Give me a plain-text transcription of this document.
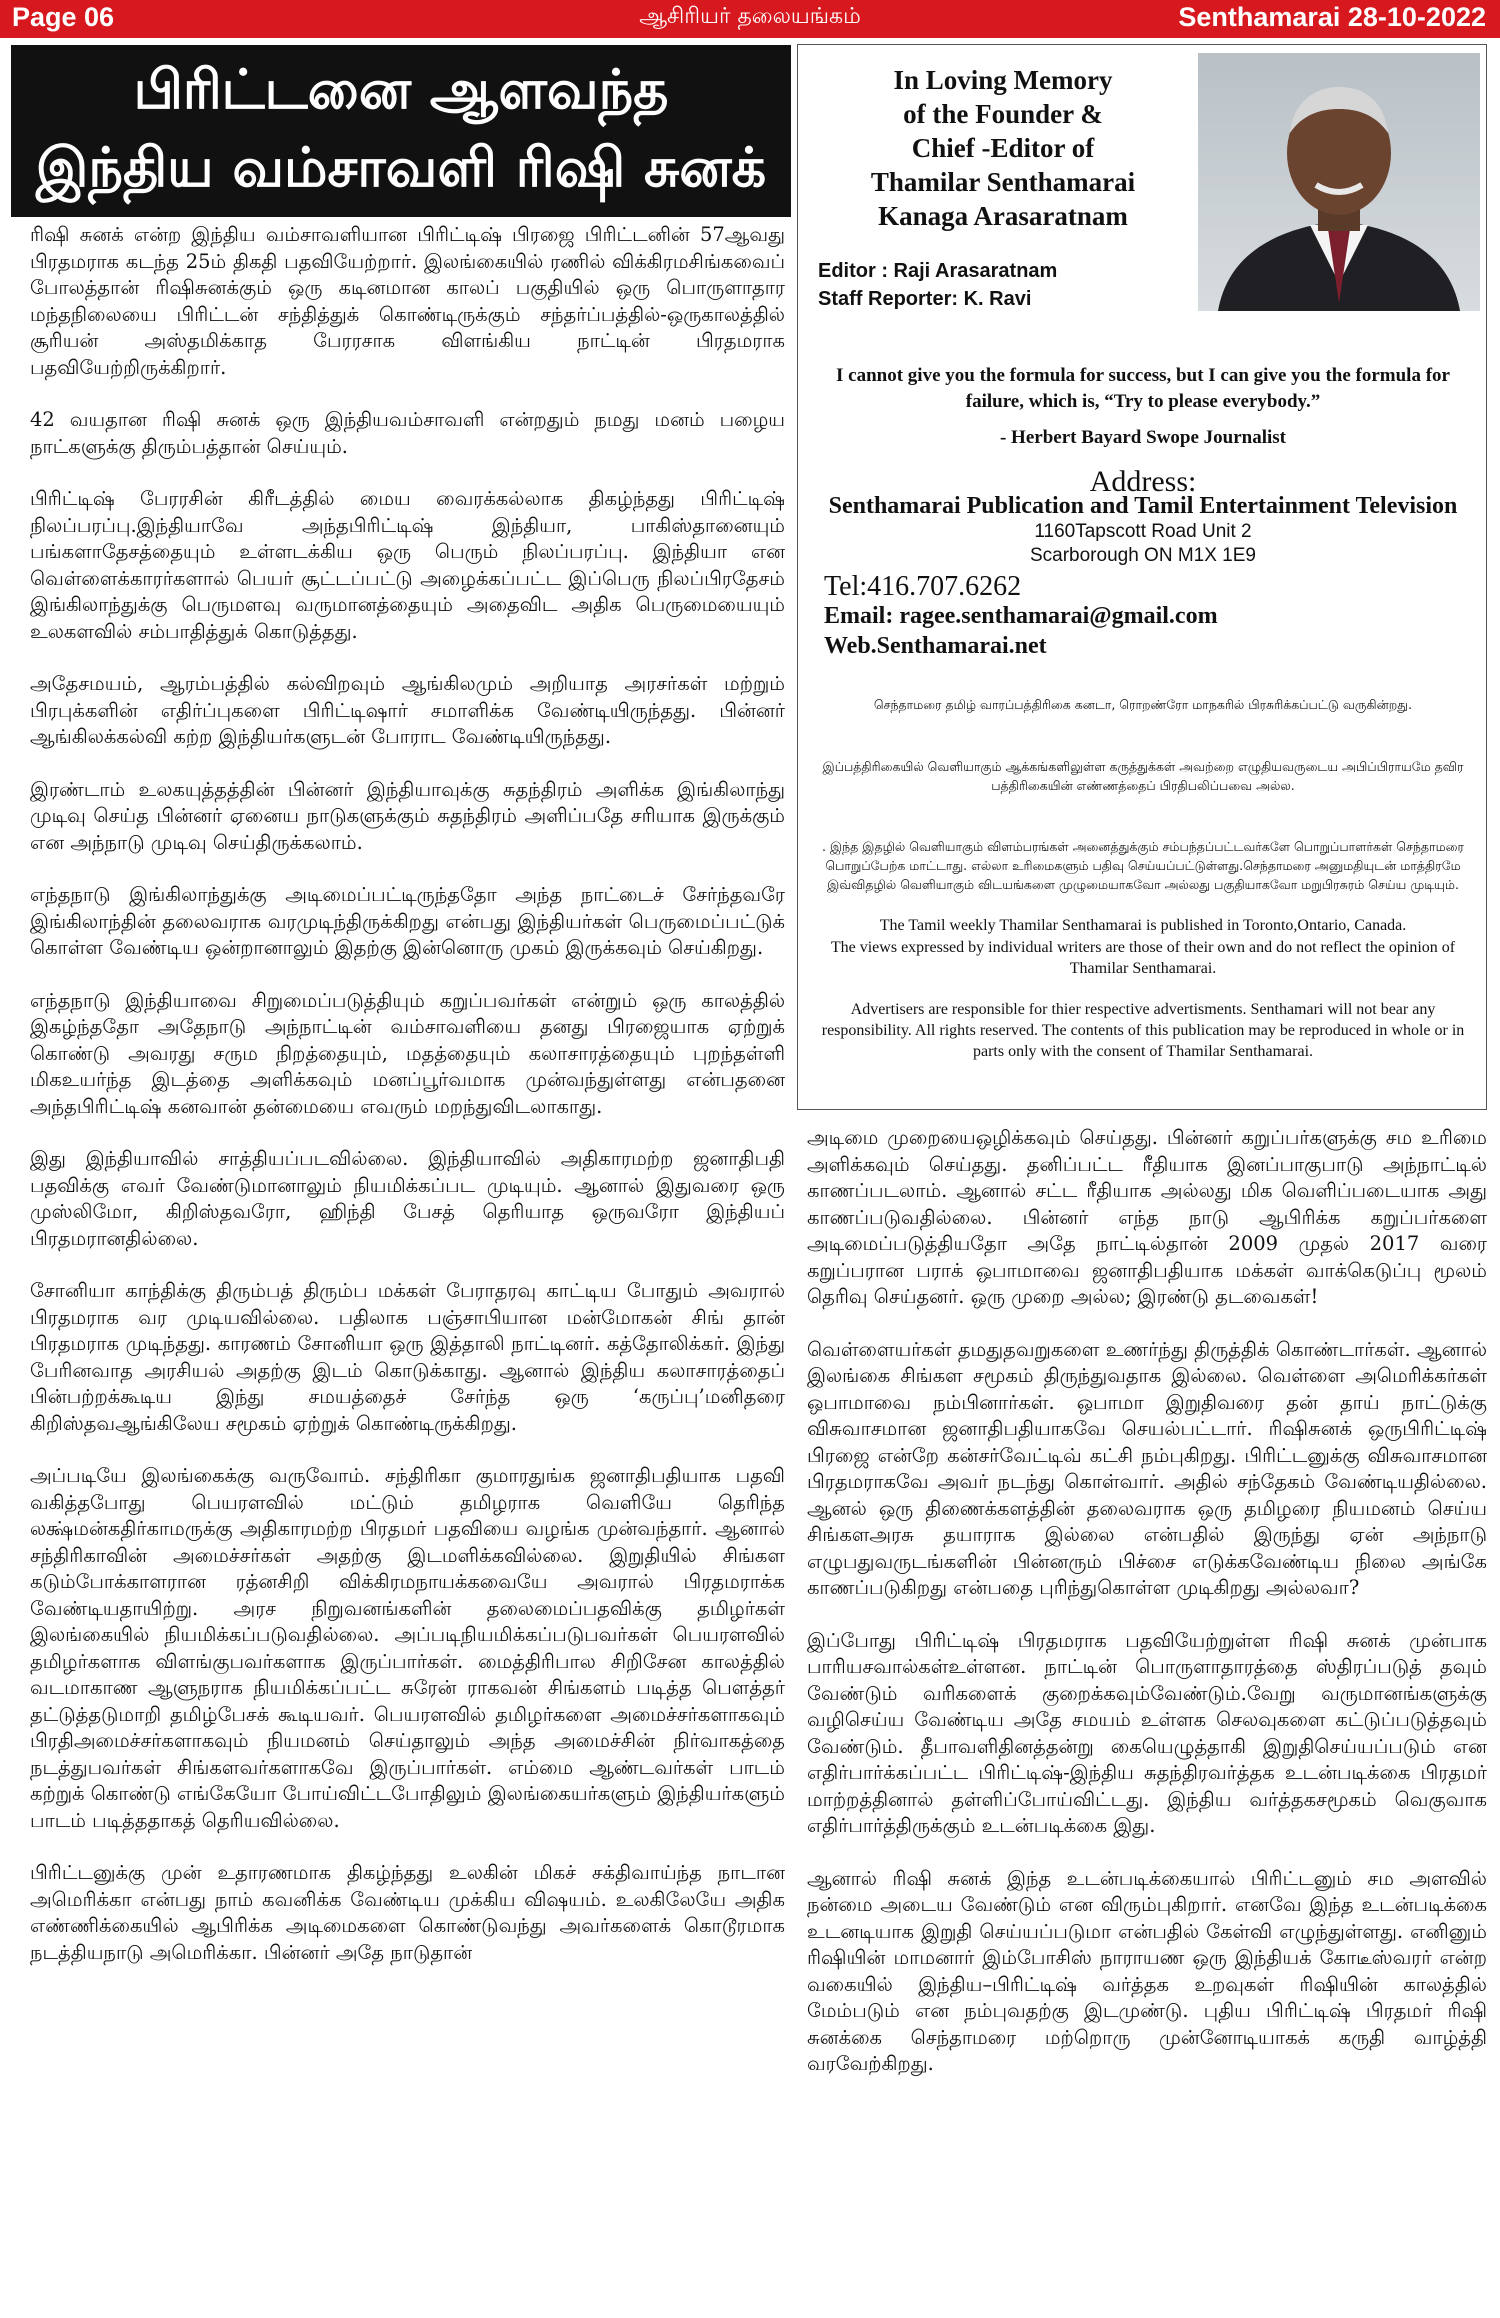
Page 06	ஆசிரியர் தலையங்கம்	Senthamarai 28-10-2022
பிரிட்டனை ஆளவந்த
இந்திய வம்சாவளி ரிஷி சுனக்

ரிஷி சுனக் என்ற இந்திய வம்சாவளியான பிரிட்டிஷ் பிரஜை பிரிட்டனின் 57ஆவது பிரதமராக கடந்த 25ம் திகதி பதவியேற்றார். இலங்கையில் ரணில் விக்கிரமசிங்கவைப் போலத்தான் ரிஷிசுனக்கும் ஒரு கடினமான காலப் பகுதியில் ஒரு பொருளாதார மந்தநிலையை பிரிட்டன் சந்தித்துக் கொண்டிருக்கும் சந்தர்ப்பத்தில்-ஒருகாலத்தில் சூரியன் அஸ்தமிக்காத பேரரசாக விளங்கிய நாட்டின் பிரதமராக பதவியேற்றிருக்கிறார்.

42 வயதான ரிஷி சுனக் ஒரு இந்தியவம்சாவளி என்றதும் நமது மனம் பழைய நாட்களுக்கு திரும்பத்தான் செய்யும்.

பிரிட்டிஷ் பேரரசின் கிரீடத்தில் மைய வைரக்கல்லாக திகழ்ந்தது பிரிட்டிஷ் நிலப்பரப்பு.இந்தியாவே அந்தபிரிட்டிஷ் இந்தியா, பாகிஸ்தானையும் பங்களாதேசத்தையும் உள்ளடக்கிய ஒரு பெரும் நிலப்பரப்பு. இந்தியா என வெள்ளைக்காரர்களால் பெயர் சூட்டப்பட்டு அழைக்கப்பட்ட இப்பெரு நிலப்பிரதேசம் இங்கிலாந்துக்கு பெருமளவு வருமானத்தையும் அதைவிட அதிக பெருமையையும் உலகளவில் சம்பாதித்துக் கொடுத்தது.

அதேசமயம், ஆரம்பத்தில் கல்விறவும் ஆங்கிலமும் அறியாத அரசர்கள் மற்றும் பிரபுக்களின் எதிர்ப்புகளை பிரிட்டிஷார் சமாளிக்க வேண்டியிருந்தது. பின்னர் ஆங்கிலக்கல்வி கற்ற இந்தியர்களுடன் போராட வேண்டியிருந்தது.

இரண்டாம் உலகயுத்தத்தின் பின்னர் இந்தியாவுக்கு சுதந்திரம் அளிக்க இங்கிலாந்து முடிவு செய்த பின்னர் ஏனைய நாடுகளுக்கும் சுதந்திரம் அளிப்பதே சரியாக இருக்கும் என அந்நாடு முடிவு செய்திருக்கலாம்.

எந்தநாடு இங்கிலாந்துக்கு அடிமைப்பட்டிருந்ததோ அந்த நாட்டைச் சேர்ந்தவரே இங்கிலாந்தின் தலைவராக வரமுடிந்திருக்கிறது என்பது இந்தியர்கள் பெருமைப்பட்டுக் கொள்ள வேண்டிய ஒன்றானாலும் இதற்கு இன்னொரு முகம் இருக்கவும் செய்கிறது.

எந்தநாடு இந்தியாவை சிறுமைப்படுத்தியும் கறுப்பவர்கள் என்றும் ஒரு காலத்தில் இகழ்ந்ததோ அதேநாடு அந்நாட்டின் வம்சாவளியை தனது பிரஜையாக ஏற்றுக் கொண்டு அவரது சரும நிறத்தையும், மதத்தையும் கலாசாரத்தையும் புறந்தள்ளி மிகஉயர்ந்த இடத்தை அளிக்கவும் மனப்பூர்வமாக முன்வந்துள்ளது என்பதனை அந்தபிரிட்டிஷ் கனவான் தன்மையை எவரும் மறந்துவிடலாகாது.

இது இந்தியாவில் சாத்தியப்படவில்லை. இந்தியாவில் அதிகாரமற்ற ஜனாதிபதி பதவிக்கு எவர் வேண்டுமானாலும் நியமிக்கப்பட முடியும். ஆனால் இதுவரை ஒரு முஸ்லிமோ, கிறிஸ்தவரோ, ஹிந்தி பேசத் தெரியாத ஒருவரோ இந்தியப் பிரதமரானதில்லை.

சோனியா காந்திக்கு திரும்பத் திரும்ப மக்கள் பேராதரவு காட்டிய போதும் அவரால் பிரதமராக வர முடியவில்லை. பதிலாக பஞ்சாபியான மன்மோகன் சிங் தான் பிரதமராக முடிந்தது. காரணம் சோனியா ஒரு இத்தாலி நாட்டினர். கத்தோலிக்கர். இந்து பேரினவாத அரசியல் அதற்கு இடம் கொடுக்காது. ஆனால் இந்திய கலாசாரத்தைப் பின்பற்றக்கூடிய இந்து சமயத்தைச் சேர்ந்த ஒரு ‘கருப்பு’மனிதரை கிறிஸ்தவஆங்கிலேய சமூகம் ஏற்றுக் கொண்டிருக்கிறது.

அப்படியே இலங்கைக்கு வருவோம். சந்திரிகா குமாரதுங்க ஜனாதிபதியாக பதவி வகித்தபோது பெயரளவில் மட்டும் தமிழராக வெளியே தெரிந்த லக்ஷ்மன்கதிர்காமருக்கு அதிகாரமற்ற பிரதமர் பதவியை வழங்க முன்வந்தார். ஆனால் சந்திரிகாவின் அமைச்சர்கள் அதற்கு இடமளிக்கவில்லை. இறுதியில் சிங்கள கடும்போக்காளரான ரத்னசிறி விக்கிரமநாயக்கவையே அவரால் பிரதமராக்க வேண்டியதாயிற்று. அரச நிறுவனங்களின் தலைமைப்பதவிக்கு தமிழர்கள் இலங்கையில் நியமிக்கப்படுவதில்லை. அப்படிநியமிக்கப்படுபவர்கள் பெயரளவில் தமிழர்களாக விளங்குபவர்களாக இருப்பார்கள். மைத்திரிபால சிறிசேன காலத்தில் வடமாகாண ஆளுநராக நியமிக்கப்பட்ட சுரேன் ராகவன் சிங்களம் படித்த பௌத்தர் தட்டுத்தடுமாறி தமிழ்பேசக் கூடியவர். பெயரளவில் தமிழர்களை அமைச்சர்களாகவும் பிரதிஅமைச்சர்களாகவும் நியமனம் செய்தாலும் அந்த அமைச்சின் நிர்வாகத்தை நடத்துபவர்கள் சிங்களவர்களாகவே இருப்பார்கள். எம்மை ஆண்டவர்கள் பாடம் கற்றுக் கொண்டு எங்கேயோ போய்விட்டபோதிலும் இலங்கையர்களும் இந்தியர்களும் பாடம் படித்ததாகத் தெரியவில்லை.

பிரிட்டனுக்கு முன் உதாரணமாக திகழ்ந்தது உலகின் மிகச் சக்திவாய்ந்த நாடான அமெரிக்கா என்பது நாம் கவனிக்க வேண்டிய முக்கிய விஷயம். உலகிலேயே அதிக எண்ணிக்கையில் ஆபிரிக்க அடிமைகளை கொண்டுவந்து அவர்களைக் கொடூரமாக நடத்தியநாடு அமெரிக்கா. பின்னர் அதே நாடுதான்

அடிமை முறையைஒழிக்கவும் செய்தது. பின்னர் கறுப்பர்களுக்கு சம உரிமை அளிக்கவும் செய்தது. தனிப்பட்ட ரீதியாக இனப்பாகுபாடு அந்நாட்டில் காணப்படலாம். ஆனால் சட்ட ரீதியாக அல்லது மிக வெளிப்படையாக அது காணப்படுவதில்லை. பின்னர் எந்த நாடு ஆபிரிக்க கறுப்பர்களை அடிமைப்படுத்தியதோ அதே நாட்டில்தான் 2009 முதல் 2017 வரை கறுப்பரான பராக் ஒபாமாவை ஜனாதிபதியாக மக்கள் வாக்கெடுப்பு மூலம் தெரிவு செய்தனர். ஒரு முறை அல்ல; இரண்டு தடவைகள்!

வெள்ளையர்கள் தமதுதவறுகளை உணர்ந்து திருத்திக் கொண்டார்கள். ஆனால் இலங்கை சிங்கள சமூகம் திருந்துவதாக இல்லை. வெள்ளை அமெரிக்கர்கள் ஒபாமாவை நம்பினார்கள். ஒபாமா இறுதிவரை தன் தாய் நாட்டுக்கு விசுவாசமான ஜனாதிபதியாகவே செயல்பட்டார். ரிஷிசுனக் ஒருபிரிட்டிஷ் பிரஜை என்றே கன்சர்வேட்டிவ் கட்சி நம்புகிறது. பிரிட்டனுக்கு விசுவாசமான பிரதமராகவே அவர் நடந்து கொள்வார். அதில் சந்தேகம் வேண்டியதில்லை. ஆனல் ஒரு திணைக்களத்தின் தலைவராக ஒரு தமிழரை நியமனம் செய்ய சிங்களஅரசு தயாராக இல்லை என்பதில் இருந்து ஏன் அந்நாடு எழுபதுவருடங்களின் பின்னரும் பிச்சை எடுக்கவேண்டிய நிலை அங்கே காணப்படுகிறது என்பதை புரிந்துகொள்ள முடிகிறது அல்லவா?

இப்போது பிரிட்டிஷ் பிரதமராக பதவியேற்றுள்ள ரிஷி சுனக் முன்பாக பாரியசவால்கள்உள்ளன. நாட்டின் பொருளாதாரத்தை ஸ்திரப்படுத் தவும் வேண்டும் வரிகளைக் குறைக்கவும்வேண்டும்.வேறு வருமானங்களுக்கு வழிசெய்ய வேண்டிய அதே சமயம் உள்ளக செலவுகளை கட்டுப்படுத்தவும் வேண்டும். தீபாவளிதினத்தன்று கையெழுத்தாகி இறுதிசெய்யப்படும் என எதிர்பார்க்கப்பட்ட பிரிட்டிஷ்-இந்திய சுதந்திரவர்த்தக உடன்படிக்கை பிரதமர் மாற்றத்தினால் தள்ளிப்போய்விட்டது. இந்திய வர்த்தகசமூகம் வெகுவாக எதிர்பார்த்திருக்கும் உடன்படிக்கை இது.

ஆனால் ரிஷி சுனக் இந்த உடன்படிக்கையால் பிரிட்டனும் சம அளவில் நன்மை அடைய வேண்டும் என விரும்புகிறார். எனவே இந்த உடன்படிக்கை உடனடியாக இறுதி செய்யப்படுமா என்பதில் கேள்வி எழுந்துள்ளது. எனினும் ரிஷியின் மாமனார் இம்போசிஸ் நாராயண ஒரு இந்தியக் கோடீஸ்வரர் என்ற வகையில் இந்திய–பிரிட்டிஷ் வர்த்தக உறவுகள் ரிஷியின் காலத்தில் மேம்படும் என நம்புவதற்கு இடமுண்டு. புதிய பிரிட்டிஷ் பிரதமர் ரிஷி சுனக்கை செந்தாமரை மற்றொரு முன்னோடியாகக் கருதி வாழ்த்தி வரவேற்கிறது.

In Loving Memory
of the Founder &
Chief -Editor of
Thamilar Senthamarai
Kanaga Arasaratnam
Editor : Raji Arasaratnam
Staff Reporter: K. Ravi
I cannot give you the formula for success, but I can give you the formula for failure, which is, “Try to please everybody.”
- Herbert Bayard Swope Journalist
Address:
Senthamarai Publication and Tamil Entertainment Television
1160Tapscott Road Unit 2
Scarborough ON M1X 1E9
Tel:416.707.6262
Email: ragee.senthamarai@gmail.com
Web.Senthamarai.net
செந்தாமரை தமிழ் வாரப்பத்திரிகை கனடா, ரொறண்ரோ மாநகரில் பிரசுரிக்கப்பட்டு வருகின்றது.
இப்பத்திரிகையில் வெளியாகும் ஆக்கங்களிலுள்ள கருத்துக்கள் அவற்றை எழுதியவருடைய அபிப்பிராயமே தவிர பத்திரிகையின் எண்ணத்தைப் பிரதிபலிப்பவை அல்ல.
. இந்த இதழில் வெளியாகும் விளம்பரங்கள் அனைத்துக்கும் சம்பந்தப்பட்டவர்களே பொறுப்பாளர்கள் செந்தாமரை பொறுப்பேற்க மாட்டாது. எல்லா உரிமைகளும் பதிவு செய்யப்பட்டுள்ளது.செந்தாமரை அனுமதியுடன் மாத்திரமே இவ்விதழில் வெளியாகும் விடயங்களை முழுமையாகவோ அல்லது பகுதியாகவோ மறுபிரசுரம் செய்ய முடியும்.
The Tamil weekly Thamilar Senthamarai is published in Toronto,Ontario, Canada.
The views expressed by individual writers are those of their own and do not reflect the opinion of Thamilar Senthamarai.
Advertisers are responsible for thier respective advertisments. Senthamari will not bear any responsibility. All rights reserved. The contents of this publication may be reproduced in whole or in parts only with the consent of Thamilar Senthamarai.
